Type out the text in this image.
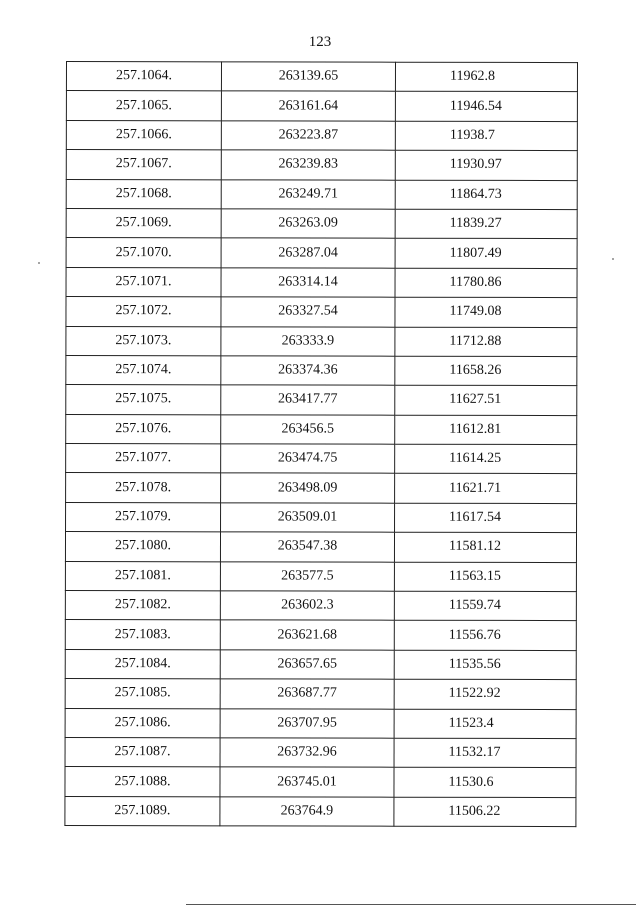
123
257.1064.	263139.65	11962.8
257.1065.	263161.64	11946.54
257.1066.	263223.87	11938.7
257.1067.	263239.83	11930.97
257.1068.	263249.71	11864.73
257.1069.	263263.09	11839.27
257.1070.	263287.04	11807.49
257.1071.	263314.14	11780.86
257.1072.	263327.54	11749.08
257.1073.	263333.9	11712.88
257.1074.	263374.36	11658.26
257.1075.	263417.77	11627.51
257.1076.	263456.5	11612.81
257.1077.	263474.75	11614.25
257.1078.	263498.09	11621.71
257.1079.	263509.01	11617.54
257.1080.	263547.38	11581.12
257.1081.	263577.5	11563.15
257.1082.	263602.3	11559.74
257.1083.	263621.68	11556.76
257.1084.	263657.65	11535.56
257.1085.	263687.77	11522.92
257.1086.	263707.95	11523.4
257.1087.	263732.96	11532.17
257.1088.	263745.01	11530.6
257.1089.	263764.9	11506.22
